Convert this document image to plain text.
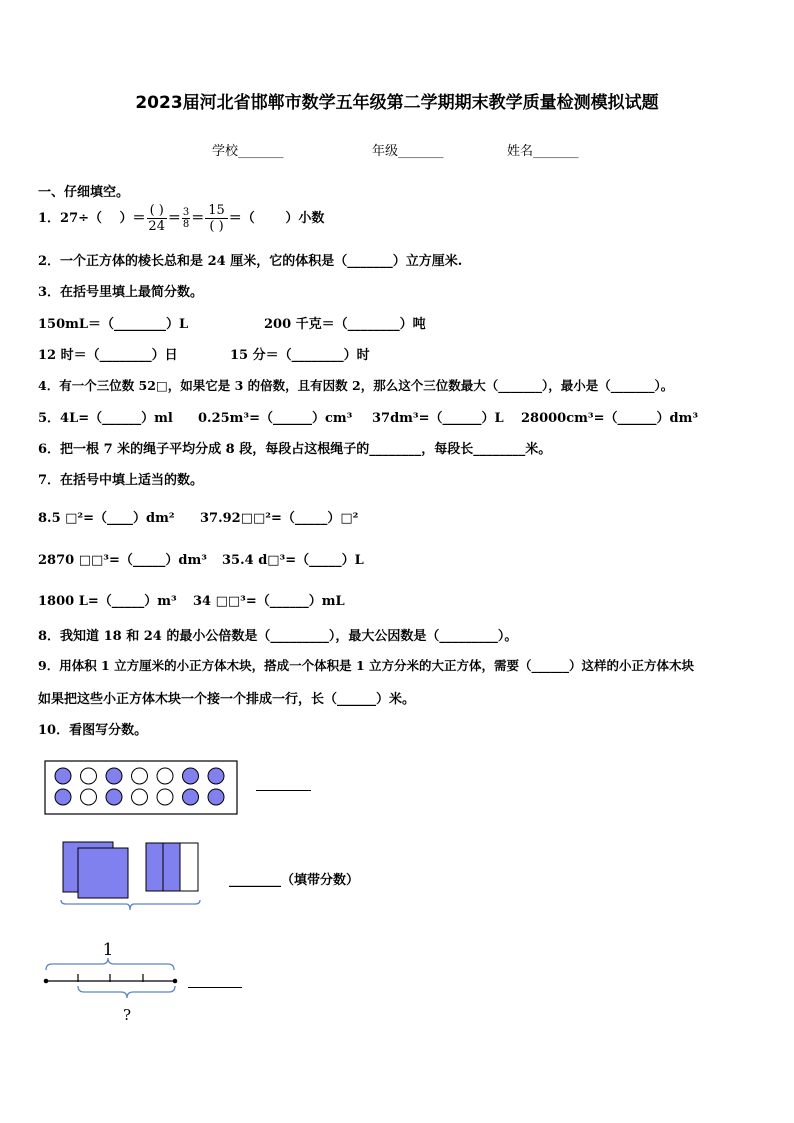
2023届河北省邯郸市数学五年级第二学期期末教学质量检测模拟试题
学校_______	年级_______	姓名_______
一、仔细填空。
1．27÷（　 ）＝ $\frac{( )}{24} = \frac{3}{8} = \frac{15}{( )}$ ＝（　　 ）小数
2．一个正方体的棱长总和是 24 厘米，它的体积是（_______）立方厘米.
3．在括号里填上最简分数。
150mL＝（________）L	200 千克＝（________）吨
12 时＝（________）日	15 分＝（________）时
4．有一个三位数 52□，如果它是 3 的倍数，且有因数 2，那么这个三位数最大（_______），最小是（_______）。
5．4L=（______）ml 0.25m³=（______）cm³ 37dm³=（______）L 28000cm³=（______）dm³
6．把一根 7 米的绳子平均分成 8 段，每段占这根绳子的________，每段长________米。
7．在括号中填上适当的数。
8.5 □²=（____）dm² 37.92□□²=（_____）□²
2870 □□³=（_____）dm³ 35.4 d□³=（_____）L
1800 L=（_____）m³ 34 □□³=（______）mL
8．我知道 18 和 24 的最小公倍数是（_________），最大公因数是（_________）。
9．用体积 1 立方厘米的小正方体木块，搭成一个体积是 1 立方分米的大正方体，需要（______）这样的小正方体木块
如果把这些小正方体木块一个接一个排成一行，长（______）米。
10．看图写分数。
________（填带分数）
1
?
